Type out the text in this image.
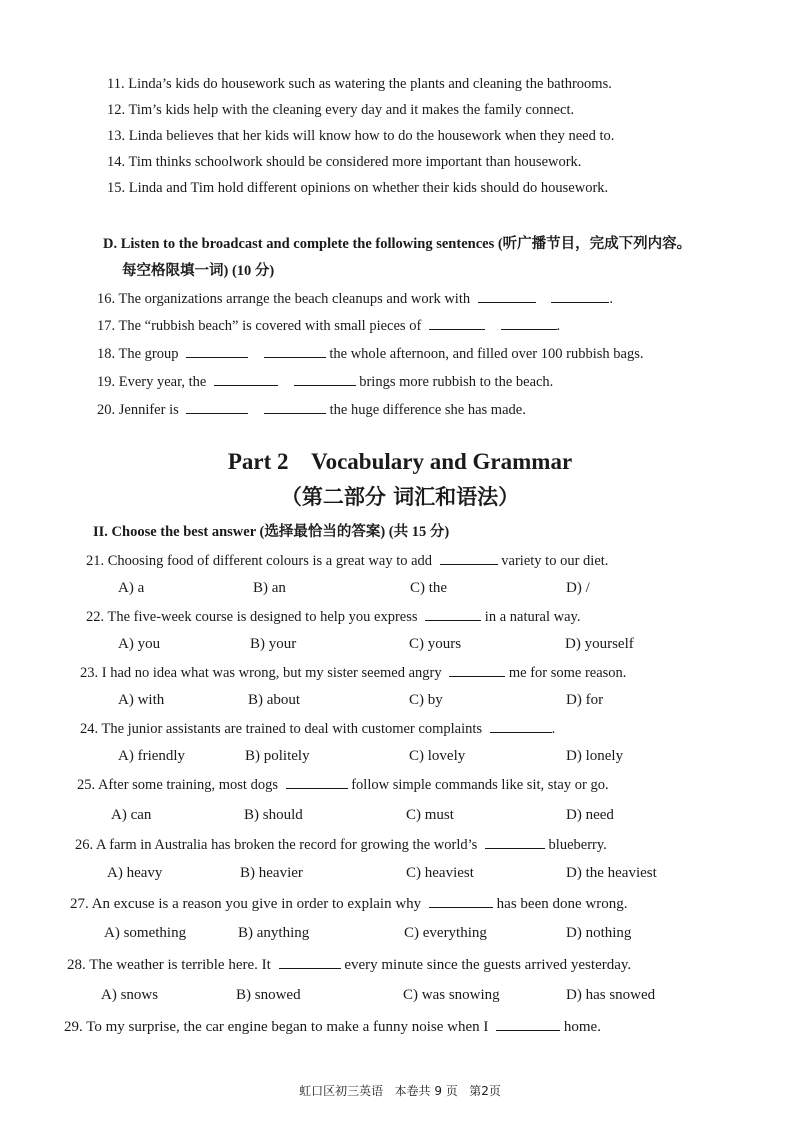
11. Linda’s kids do housework such as watering the plants and cleaning the bathrooms.
12. Tim’s kids help with the cleaning every day and it makes the family connect.
13. Linda believes that her kids will know how to do the housework when they need to.
14. Tim thinks schoolwork should be considered more important than housework.
15. Linda and Tim hold different opinions on whether their kids should do housework.
D. Listen to the broadcast and complete the following sentences (听广播节目，完成下列内容。
每空格限填一词) (10 分)
16. The organizations arrange the beach cleanups and work with	.
17. The “rubbish beach” is covered with small pieces of	.
18. The group	the whole afternoon, and filled over 100 rubbish bags.
19. Every year, the	brings more rubbish to the beach.
20. Jennifer is	the huge difference she has made.
Part 2    Vocabulary and Grammar
（第二部分 词汇和语法）
II. Choose the best answer (选择最恰当的答案) (共 15 分)
21. Choosing food of different colours is a great way to add	variety to our diet.
A) a	B) an	C) the	D) /
22. The five-week course is designed to help you express	in a natural way.
A) you	B) your	C) yours	D) yourself
23. I had no idea what was wrong, but my sister seemed angry	me for some reason.
A) with	B) about	C) by	D) for
24. The junior assistants are trained to deal with customer complaints	.
A) friendly	B) politely	C) lovely	D) lonely
25. After some training, most dogs	follow simple commands like sit, stay or go.
A) can	B) should	C) must	D) need
26. A farm in Australia has broken the record for growing the world’s	blueberry.
A) heavy	B) heavier	C) heaviest	D) the heaviest
27. An excuse is a reason you give in order to explain why	has been done wrong.
A) something	B) anything	C) everything	D) nothing
28. The weather is terrible here. It	every minute since the guests arrived yesterday.
A) snows	B) snowed	C) was snowing	D) has snowed
29. To my surprise, the car engine began to make a funny noise when I	home.
虹口区初三英语   本卷共 9 页   第2页
